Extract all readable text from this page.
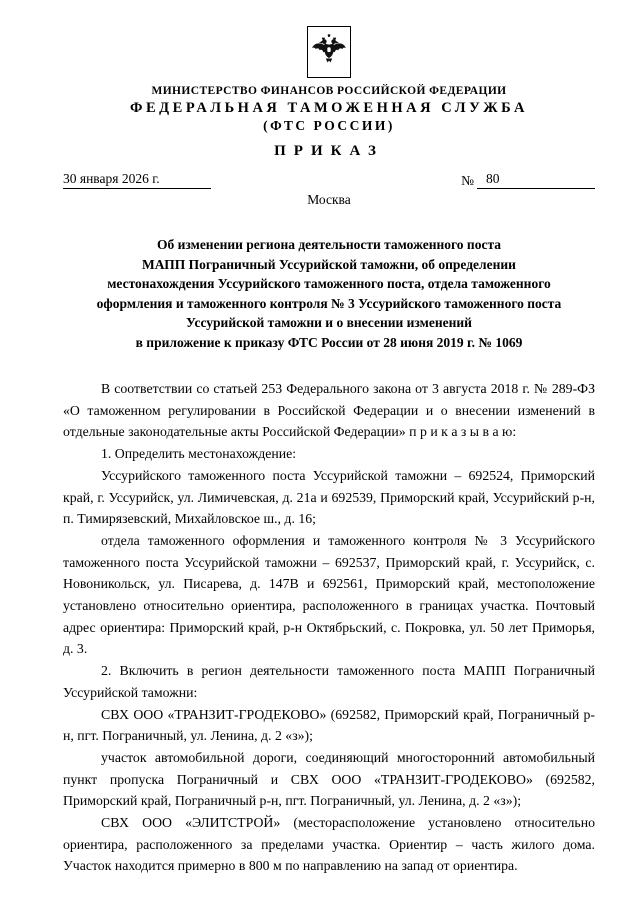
МИНИСТЕРСТВО ФИНАНСОВ РОССИЙСКОЙ ФЕДЕРАЦИИ
ФЕДЕРАЛЬНАЯ ТАМОЖЕННАЯ СЛУЖБА
(ФТС РОССИИ)
ПРИКАЗ
30 января 2026 г.	№ 80
Москва
Об изменении региона деятельности таможенного поста
МАПП Пограничный Уссурийской таможни, об определении
местонахождения Уссурийского таможенного поста, отдела таможенного
оформления и таможенного контроля № 3 Уссурийского таможенного поста
Уссурийской таможни и о внесении изменений
в приложение к приказу ФТС России от 28 июня 2019 г. № 1069

В соответствии со статьей 253 Федерального закона от 3 августа 2018 г. № 289-ФЗ «О таможенном регулировании в Российской Федерации и о внесении изменений в отдельные законодательные акты Российской Федерации» п р и к а з ы в а ю:

1. Определить местонахождение:

Уссурийского таможенного поста Уссурийской таможни – 692524, Приморский край, г. Уссурийск, ул. Лимичевская, д. 21а и 692539, Приморский край, Уссурийский р-н, п. Тимирязевский, Михайловское ш., д. 16;

отдела таможенного оформления и таможенного контроля № 3 Уссурийского таможенного поста Уссурийской таможни – 692537, Приморский край, г. Уссурийск, с. Новоникольск, ул. Писарева, д. 147В и 692561, Приморский край, местоположение установлено относительно ориентира, расположенного в границах участка. Почтовый адрес ориентира: Приморский край, р-н Октябрьский, с. Покровка, ул. 50 лет Приморья, д. 3.

2. Включить в регион деятельности таможенного поста МАПП Пограничный Уссурийской таможни:

СВХ ООО «ТРАНЗИТ-ГРОДЕКОВО» (692582, Приморский край, Пограничный р-н, пгт. Пограничный, ул. Ленина, д. 2 «з»);

участок автомобильной дороги, соединяющий многосторонний автомобильный пункт пропуска Пограничный и СВХ ООО «ТРАНЗИТ-ГРОДЕКОВО» (692582, Приморский край, Пограничный р-н, пгт. Пограничный, ул. Ленина, д. 2 «з»);

СВХ ООО «ЭЛИТСТРОЙ» (месторасположение установлено относительно ориентира, расположенного за пределами участка. Ориентир – часть жилого дома. Участок находится примерно в 800 м по направлению на запад от ориентира.
